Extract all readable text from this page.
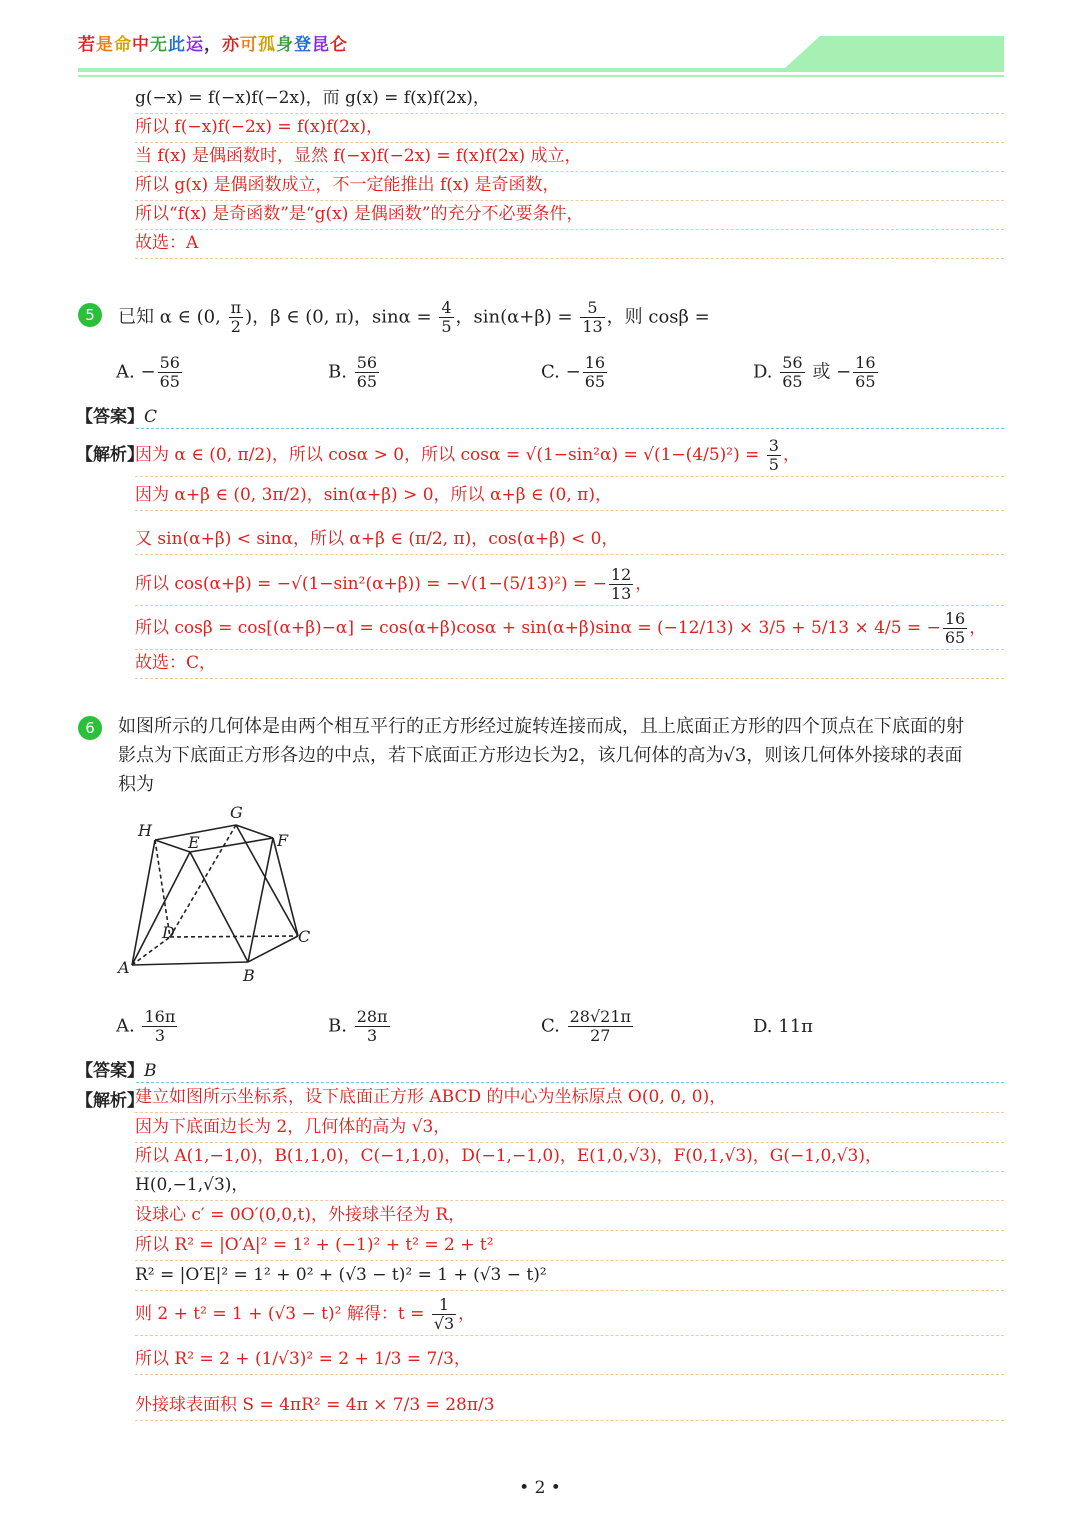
若是命中无此运，亦可孤身登昆仑
g(−x) = f(−x)f(−2x)，而 g(x) = f(x)f(2x)，
所以 f(−x)f(−2x) = f(x)f(2x)，
当 f(x) 是偶函数时，显然 f(−x)f(−2x) = f(x)f(2x) 成立，
所以 g(x) 是偶函数成立，不一定能推出 f(x) 是奇函数，
所以“f(x) 是奇函数”是“g(x) 是偶函数”的充分不必要条件，
故选：A
5	已知 α ∈ (0, $\frac{\pi}{2}$ )，β ∈ (0, π)，$\sin\alpha = \frac{4}{5}$ ，$\sin(\alpha+\beta) = \frac{5}{13}$ ，则 cosβ =
A. − $\frac{56}{65}$	B. $\frac{56}{65}$	C. − $\frac{16}{65}$	D. $\frac{56}{65}$ 或 − $\frac{16}{65}$
【答案】C
【解析】
因为 α ∈ (0, π/2)，所以 cosα > 0，所以 $\cos\alpha = √(1-\sin^2\alpha) = √(1-(4/5)^2) = \frac{3}{5}$ ，
因为 α+β ∈ (0, 3π/2)，sin(α+β) > 0，所以 α+β ∈ (0, π)，
又 sin(α+β) < sinα，所以 α+β ∈ (π/2, π)，cos(α+β) < 0，
所以 cos(α+β) = −√(1−sin²(α+β)) = −√(1−(5/13)²) = − $\frac{12}{13}$ ，
所以 cosβ = cos[(α+β)−α] = cos(α+β)cosα + sin(α+β)sinα = (−12/13) × 3/5 + 5/13 × 4/5 = − $\frac{16}{65}$ ，
故选：C，
6	如图所示的几何体是由两个相互平行的正方形经过旋转连接而成，且上底面正方形的四个顶点在下底面的射
影点为下底面正方形各边的中点，若下底面正方形边长为2，该几何体的高为√3，则该几何体外接球的表面
积为
H
G
E	F
D	C
A	B
A. $\frac{16\pi}{3}$	B. $\frac{28\pi}{3}$	C. $\frac{28√21\pi}{27}$	D. 11π
【答案】B
【解析】
建立如图所示坐标系，设下底面正方形 ABCD 的中心为坐标原点 O(0, 0, 0)，
因为下底面边长为 2，几何体的高为 √3，
所以 A(1,−1,0)，B(1,1,0)，C(−1,1,0)，D(−1,−1,0)，E(1,0,√3)，F(0,1,√3)，G(−1,0,√3)，
H(0,−1,√3)，
设球心 c′ = 0O′(0,0,t)，外接球半径为 R，
所以 R² = |O′A|² = 1² + (−1)² + t² = 2 + t²
R² = |O′E|² = 1² + 0² + (√3 − t)² = 1 + (√3 − t)²
则 2 + t² = 1 + (√3 − t)² 解得：$t = \frac{1}{√3}$ ，
所以 R² = 2 + (1/√3)² = 2 + 1/3 = 7/3，
外接球表面积 S = 4πR² = 4π × 7/3 = 28π/3
• 2 •
